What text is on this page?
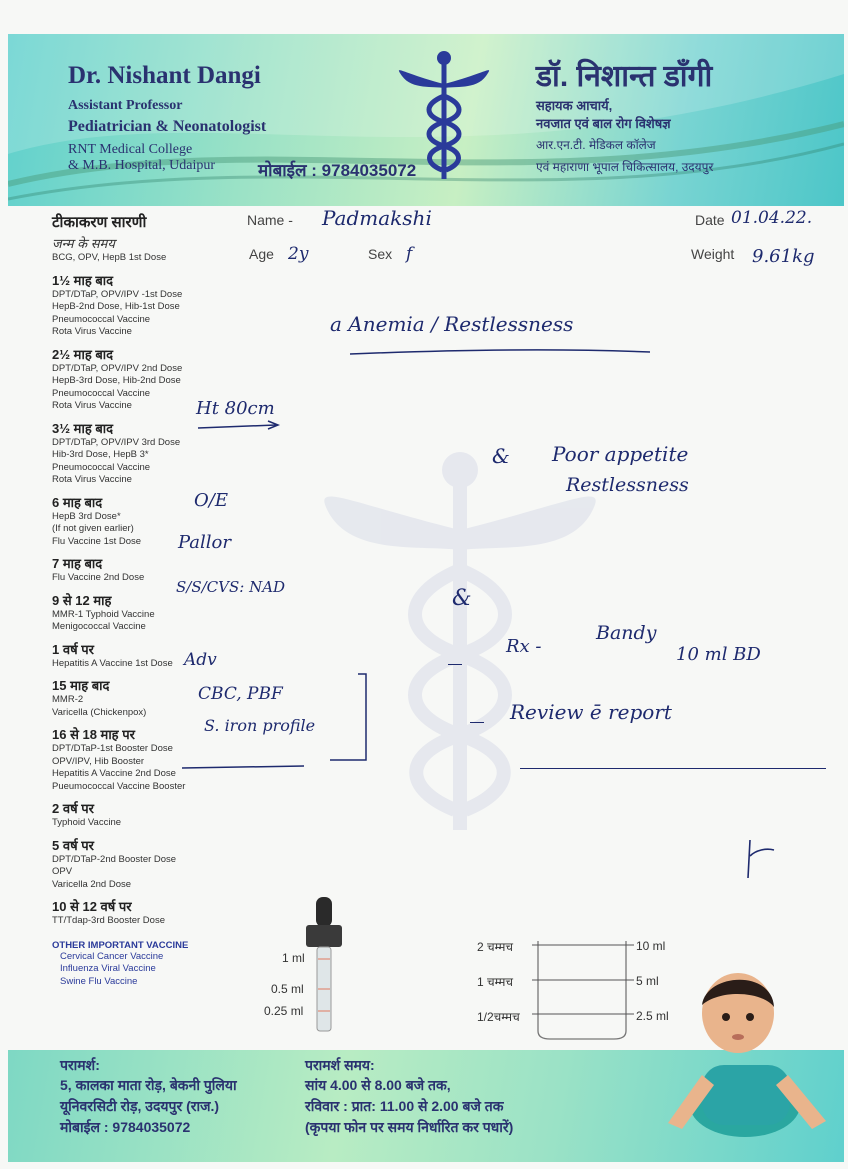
Dr. Nishant Dangi
Assistant Professor
Pediatrician & Neonatologist
RNT Medical College
& M.B. Hospital, Udaipur	मोबाईल : 9784035072
डॉ. निशान्त डाँगी
सहायक आचार्य,
नवजात एवं बाल रोग विशेषज्ञ
आर.एन.टी. मेडिकल कॉलेज
एवं महाराणा भूपाल चिकित्सालय, उदयपुर
टीकाकरण सारणी
जन्म के समय
BCG, OPV, HepB 1st Dose
1½ माह बाद
DPT/DTaP, OPV/IPV -1st Dose
HepB-2nd Dose, Hib-1st Dose
Pneumococcal Vaccine
Rota Virus Vaccine
2½ माह बाद
DPT/DTaP, OPV/IPV 2nd Dose
HepB-3rd Dose, Hib-2nd Dose
Pneumococcal Vaccine
Rota Virus Vaccine
3½ माह बाद
DPT/DTaP, OPV/IPV 3rd Dose
Hib-3rd Dose, HepB 3*
Pneumococcal Vaccine
Rota Virus Vaccine
6 माह बाद
HepB 3rd Dose*
(If not given earlier)
Flu Vaccine 1st Dose
7 माह बाद
Flu Vaccine 2nd Dose
9 से 12 माह
MMR-1 Typhoid Vaccine
Menigococcal Vaccine
1 वर्ष पर
Hepatitis A Vaccine 1st Dose
15 माह बाद
MMR-2
Varicella (Chickenpox)
16 से 18 माह पर
DPT/DTaP-1st Booster Dose
OPV/IPV, Hib Booster
Hepatitis A Vaccine 2nd Dose
Pueumococcal Vaccine Booster
2 वर्ष पर
Typhoid Vaccine
5 वर्ष पर
DPT/DTaP-2nd Booster Dose
OPV
Varicella 2nd Dose
10 से 12 वर्ष पर
TT/Tdap-3rd Booster Dose
OTHER IMPORTANT VACCINE
Cervical Cancer Vaccine
Influenza Viral Vaccine
Swine Flu Vaccine
Name - Padmakshi
Age 2y	Sex f
Date 01.04.22.
Weight 9.61kg
a Anemia / Restlessness
Ht 80cm
& Poor appetite
Restlessness
O/E
Pallor
S/S/CVS: NAD	&
Rx -
Bandy
10 ml BD
Adv
CBC, PBF
S. iron profile
Review ē report
1 ml
0.5 ml
0.25 ml
2 चम्मच
1 चम्मच
1/2चम्मच
10 ml
5 ml
2.5 ml
परामर्श:
5, कालका माता रोड़, बेकनी पुलिया
यूनिवरसिटी रोड़, उदयपुर (राज.)
मोबाईल : 9784035072
परामर्श समय:
सांय 4.00 से 8.00 बजे तक,
रविवार : प्रात: 11.00 से 2.00 बजे तक
(कृपया फोन पर समय निर्धारित कर पधारें)
